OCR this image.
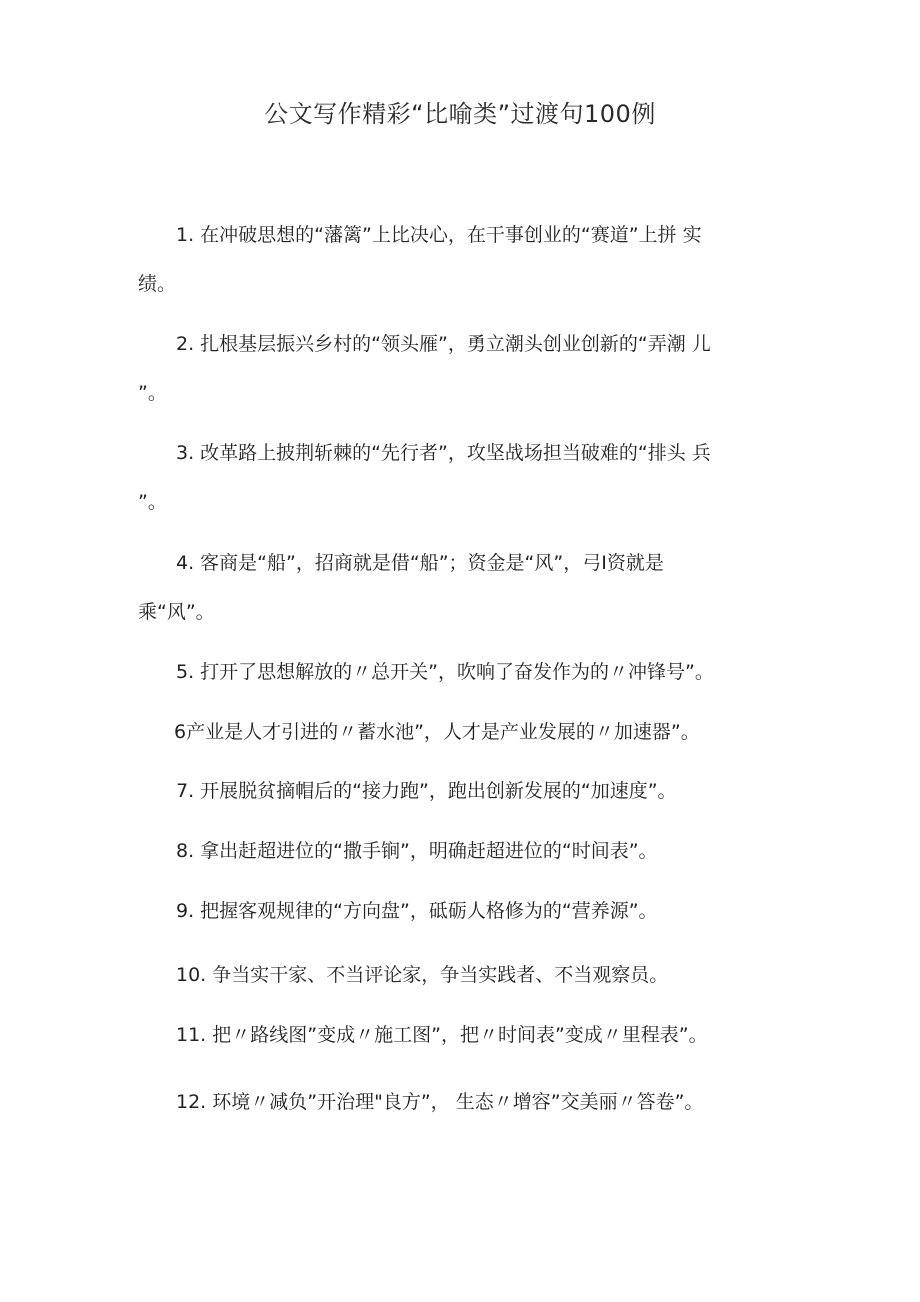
公文写作精彩“比喻类”过渡句100例
1. 在冲破思想的“藩篱”上比决心，在干事创业的“赛道”上拼 实
绩。
2. 扎根基层振兴乡村的“领头雁”，勇立潮头创业创新的“弄潮 儿
”。
3. 改革路上披荆斩棘的“先行者”，攻坚战场担当破难的“排头 兵
”。
4. 客商是“船”，招商就是借“船”；资金是“风”，弓I资就是
乘“风”。
5. 打开了思想解放的〃总开关”，吹响了奋发作为的〃冲锋号”。
6产业是人才引进的〃蓄水池”，人才是产业发展的〃加速器”。
7. 开展脱贫摘帽后的“接力跑”，跑出创新发展的“加速度”。
8. 拿出赶超进位的“撒手锏”，明确赶超进位的“时间表”。
9. 把握客观规律的“方向盘”，砥砺人格修为的“营养源”。
10. 争当实干家、不当评论家，争当实践者、不当观察员。
11. 把〃路线图”变成〃施工图”，把〃时间表”变成〃里程表”。
12. 环境〃减负”开治理"良方”， 生态〃增容”交美丽〃答卷”。
